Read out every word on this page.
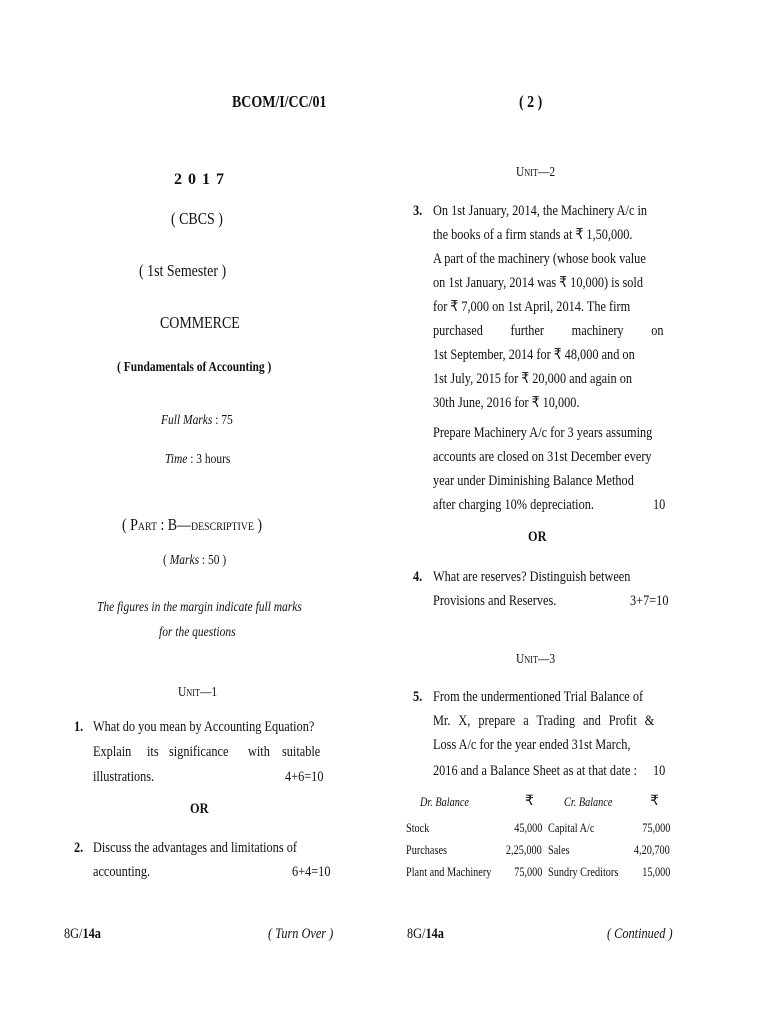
BCOM/I/CC/01	( 2 )
2 0 1 7
( CBCS )
( 1st Semester )
COMMERCE
( Fundamentals of Accounting )
Full Marks : 75
Time : 3 hours
( Part : B—descriptive )
( Marks : 50 )
The figures in the margin indicate full marks
for the questions
Unit—1
1. What do you mean by Accounting Equation?
Explain its significance with suitable
illustrations.	4+6=10
OR
2. Discuss the advantages and limitations of
accounting.	6+4=10
8G/14a	( Turn Over )
Unit—2
3. On 1st January, 2014, the Machinery A/c in
the books of a firm stands at ₹ 1,50,000.
A part of the machinery (whose book value
on 1st January, 2014 was ₹ 10,000) is sold
for ₹ 7,000 on 1st April, 2014. The firm
purchased further machinery on
1st September, 2014 for ₹ 48,000 and on
1st July, 2015 for ₹ 20,000 and again on
30th June, 2016 for ₹ 10,000.
Prepare Machinery A/c for 3 years assuming
accounts are closed on 31st December every
year under Diminishing Balance Method
after charging 10% depreciation.	10
OR
4. What are reserves? Distinguish between
Provisions and Reserves.	3+7=10
Unit—3
5. From the undermentioned Trial Balance of
Mr. X, prepare a Trading and Profit &
Loss A/c for the year ended 31st March,
2016 and a Balance Sheet as at that date :	10
Dr. Balance	₹ Cr. Balance	₹
Stock	45,000 Capital A/c	75,000
Purchases	2,25,000 Sales	4,20,700
Plant and Machinery	75,000 Sundry Creditors	15,000
8G/14a	( Continued )
